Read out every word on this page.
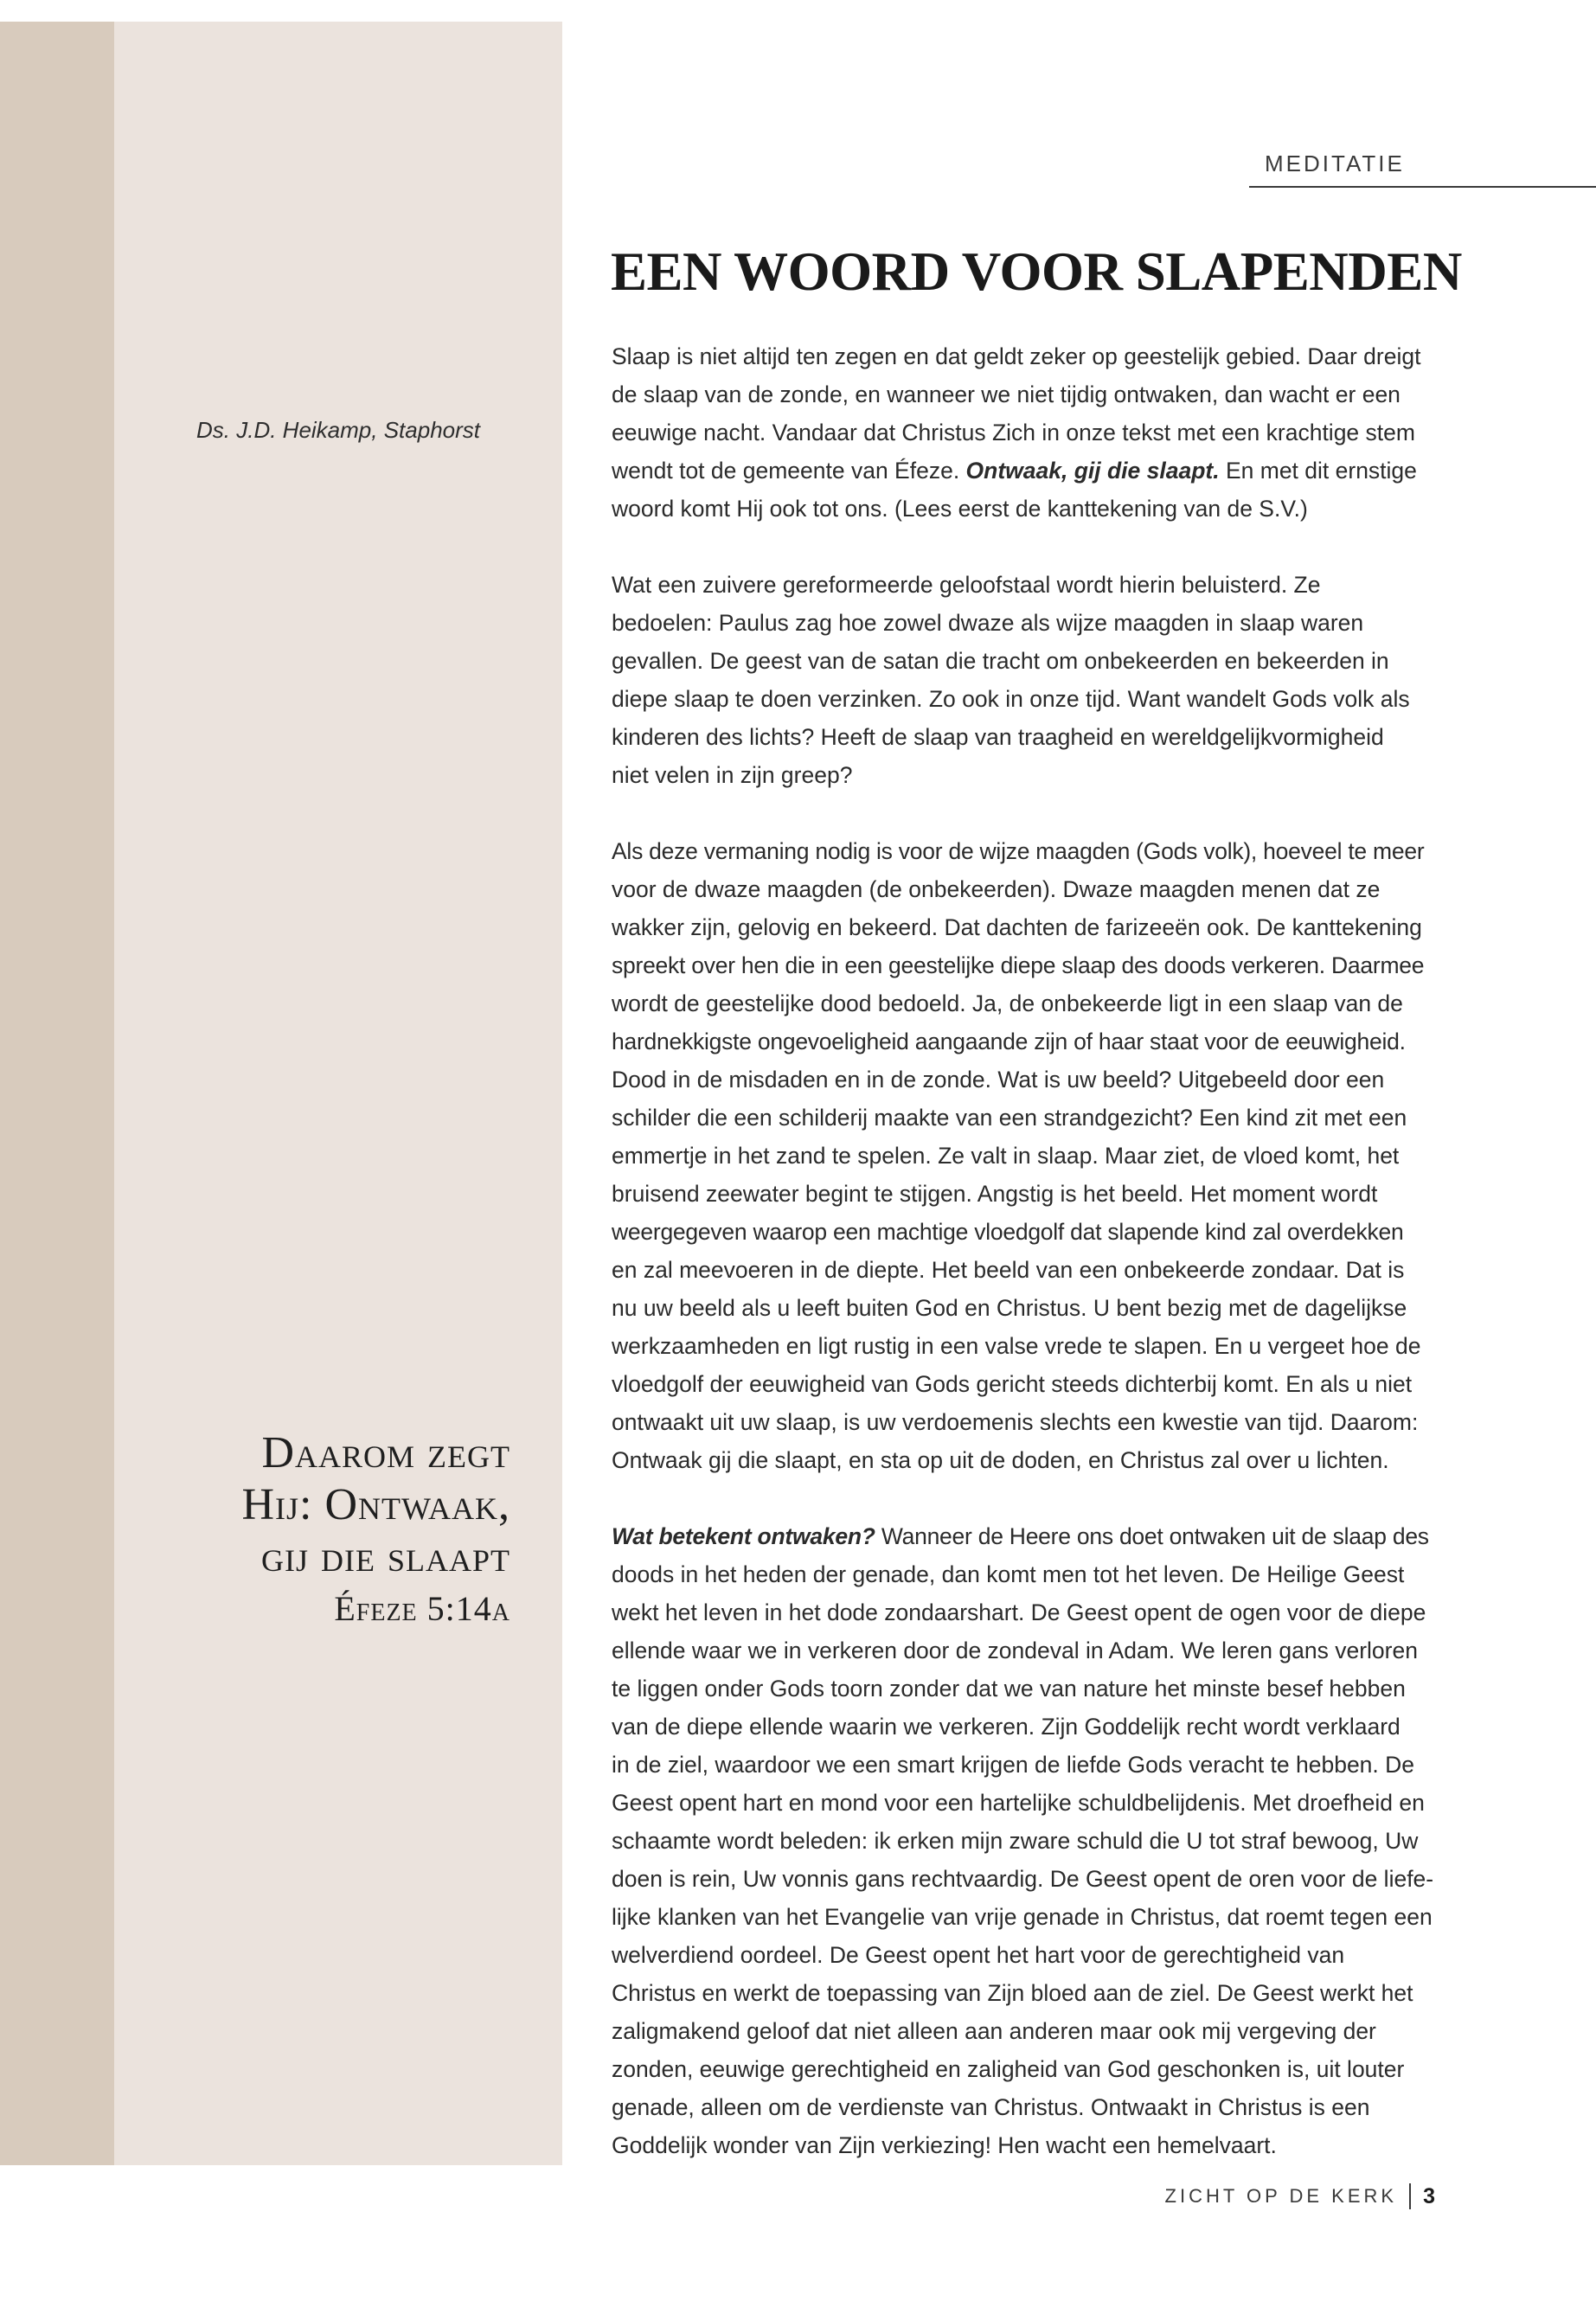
MEDITATIE
EEN WOORD VOOR SLAPENDEN
Ds. J.D. Heikamp, Staphorst

Slaap is niet altijd ten zegen en dat geldt zeker op geestelijk gebied. Daar dreigt
de slaap van de zonde, en wanneer we niet tijdig ontwaken, dan wacht er een
eeuwige nacht. Vandaar dat Christus Zich in onze tekst met een krachtige stem
wendt tot de gemeente van Éfeze. Ontwaak, gij die slaapt. En met dit ernstige
woord komt Hij ook tot ons. (Lees eerst de kanttekening van de S.V.)

Wat een zuivere gereformeerde geloofstaal wordt hierin beluisterd. Ze
bedoelen: Paulus zag hoe zowel dwaze als wijze maagden in slaap waren
gevallen. De geest van de satan die tracht om onbekeerden en bekeerden in
diepe slaap te doen verzinken. Zo ook in onze tijd. Want wandelt Gods volk als
kinderen des lichts? Heeft de slaap van traagheid en wereldgelijkvormigheid
niet velen in zijn greep?

Als deze vermaning nodig is voor de wijze maagden (Gods volk), hoeveel te meer
voor de dwaze maagden (de onbekeerden). Dwaze maagden menen dat ze
wakker zijn, gelovig en bekeerd. Dat dachten de farizeeën ook. De kanttekening
spreekt over hen die in een geestelijke diepe slaap des doods verkeren. Daarmee
wordt de geestelijke dood bedoeld. Ja, de onbekeerde ligt in een slaap van de
hardnekkigste ongevoeligheid aangaande zijn of haar staat voor de eeuwigheid.
Dood in de misdaden en in de zonde. Wat is uw beeld? Uitgebeeld door een
schilder die een schilderij maakte van een strandgezicht? Een kind zit met een
emmertje in het zand te spelen. Ze valt in slaap. Maar ziet, de vloed komt, het
bruisend zeewater begint te stijgen. Angstig is het beeld. Het moment wordt
weergegeven waarop een machtige vloedgolf dat slapende kind zal overdekken
en zal meevoeren in de diepte. Het beeld van een onbekeerde zondaar. Dat is
nu uw beeld als u leeft buiten God en Christus. U bent bezig met de dagelijkse
werkzaamheden en ligt rustig in een valse vrede te slapen. En u vergeet hoe de
vloedgolf der eeuwigheid van Gods gericht steeds dichterbij komt. En als u niet
ontwaakt uit uw slaap, is uw verdoemenis slechts een kwestie van tijd. Daarom:
Ontwaak gij die slaapt, en sta op uit de doden, en Christus zal over u lichten.

Wat betekent ontwaken? Wanneer de Heere ons doet ontwaken uit de slaap des
doods in het heden der genade, dan komt men tot het leven. De Heilige Geest
wekt het leven in het dode zondaarshart. De Geest opent de ogen voor de diepe
ellende waar we in verkeren door de zondeval in Adam. We leren gans verloren
te liggen onder Gods toorn zonder dat we van nature het minste besef hebben
van de diepe ellende waarin we verkeren. Zijn Goddelijk recht wordt verklaard
in de ziel, waardoor we een smart krijgen de liefde Gods veracht te hebben. De
Geest opent hart en mond voor een hartelijke schuldbelijdenis. Met droefheid en
schaamte wordt beleden: ik erken mijn zware schuld die U tot straf bewoog, Uw
doen is rein, Uw vonnis gans rechtvaardig. De Geest opent de oren voor de liefe-
lijke klanken van het Evangelie van vrije genade in Christus, dat roemt tegen een
welverdiend oordeel. De Geest opent het hart voor de gerechtigheid van
Christus en werkt de toepassing van Zijn bloed aan de ziel. De Geest werkt het
zaligmakend geloof dat niet alleen aan anderen maar ook mij vergeving der
zonden, eeuwige gerechtigheid en zaligheid van God geschonken is, uit louter
genade, alleen om de verdienste van Christus. Ontwaakt in Christus is een
Goddelijk wonder van Zijn verkiezing! Hen wacht een hemelvaart.

Daarom zegt
Hij: Ontwaak,
gij die slaapt
Éfeze 5:14a
ZICHT OP DE KERK 3
